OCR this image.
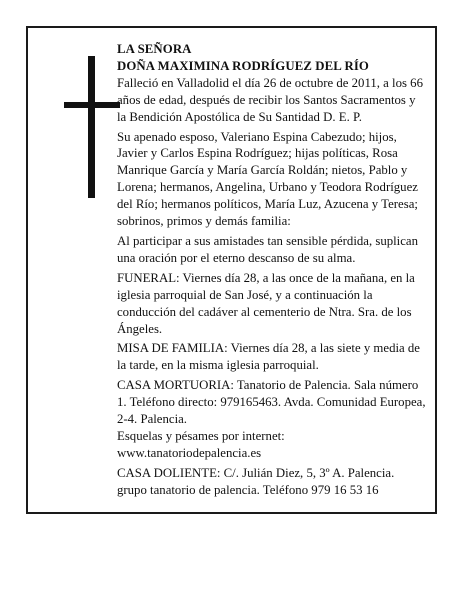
LA SEÑORA

DOÑA MAXIMINA RODRÍGUEZ DEL RÍO

Falleció en Valladolid el día 26 de octubre de 2011, a los 66 años de edad, después de recibir los Santos Sacramentos y la Bendición Apostólica de Su Santidad D. E. P.

Su apenado esposo, Valeriano Espina Cabezudo; hijos, Javier y Carlos Espina Rodríguez; hijas políticas, Rosa Manrique García y María García Roldán; nietos, Pablo y Lorena; hermanos, Angelina, Urbano y Teodora Rodríguez del Río; hermanos políticos, María Luz, Azucena y Teresa; sobrinos, primos y demás familia:

Al participar a sus amistades tan sensible pérdida, suplican una oración por el eterno descanso de su alma.

FUNERAL: Viernes día 28, a las once de la mañana, en la iglesia parroquial de San José, y a continuación la conducción del cadáver al cementerio de Ntra. Sra. de los Ángeles.

MISA DE FAMILIA: Viernes día 28, a las siete y media de la tarde, en la misma iglesia parroquial.

CASA MORTUORIA: Tanatorio de Palencia. Sala número 1. Teléfono directo: 979165463. Avda. Comunidad Europea, 2-4. Palencia.

Esquelas y pésames por internet:

www.tanatoriodepalencia.es

CASA DOLIENTE: C/. Julián Diez, 5, 3º A. Palencia.

grupo tanatorio de palencia. Teléfono 979 16 53 16
